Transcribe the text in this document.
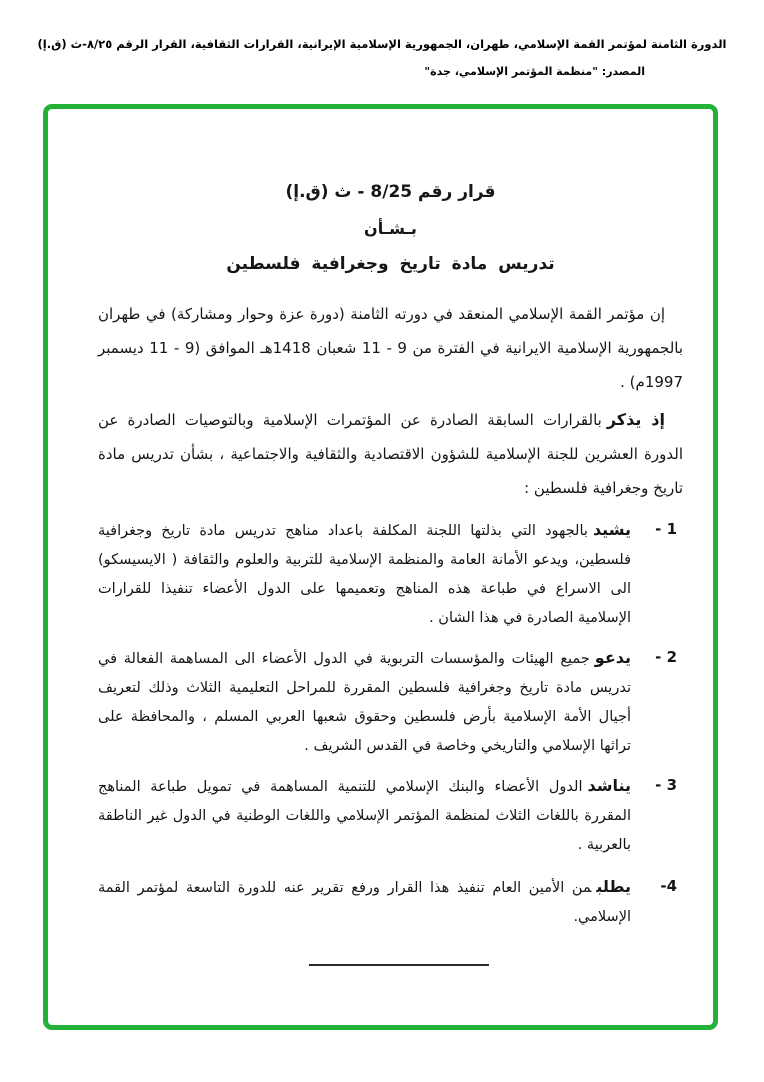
الدورة الثامنة لمؤتمر القمة الإسلامي، طهران، الجمهورية الإسلامية الإيرانية، القرارات الثقافية، القرار الرقم ٨/٢٥-ث (ق.إ)
المصدر: "منظمة المؤتمر الإسلامي، جدة"
قرار رقم 8/25 - ث (ق.إ)
بـشـأن
تدريس مادة تاريخ وجغرافية فلسطين

إن مؤتمر القمة الإسلامي المنعقد في دورته الثامنة (دورة عزة وحوار ومشاركة) في طهران بالجمهورية الإسلامية الايرانية في الفترة من 9 - 11 شعبان 1418هـ الموافق (9 - 11 ديسمبر 1997م) .

إذ يذكربالقرارات السابقة الصادرة عن المؤتمرات الإسلامية وبالتوصيات الصادرة عن الدورة العشرين للجنة الإسلامية للشؤون الاقتصادية والثقافية والاجتماعية ، بشأن تدريس مادة تاريخ وجغرافية فلسطين :

1 -

يشيدبالجهود التي بذلتها اللجنة المكلفة باعداد مناهج تدريس مادة تاريخ وجغرافية فلسطين، ويدعو الأمانة العامة والمنظمة الإسلامية للتربية والعلوم والثقافة ( الايسيسكو) الى الاسراع في طباعة هذه المناهج وتعميمها على الدول الأعضاء تنفيذا للقرارات الإسلامية الصادرة في هذا الشان .

2 -

يدعوجميع الهيئات والمؤسسات التربوية في الدول الأعضاء الى المساهمة الفعالة في تدريس مادة تاريخ وجغرافية فلسطين المقررة للمراحل التعليمية الثلاث وذلك لتعريف أجيال الأمة الإسلامية بأرض فلسطين وحقوق شعبها العربي المسلم ، والمحافظة على تراثها الإسلامي والتاريخي وخاصة في القدس الشريف .

3 -

يناشدالدول الأعضاء والبنك الإسلامي للتنمية المساهمة في تمويل طباعة المناهج المقررة باللغات الثلاث لمنظمة المؤتمر الإسلامي واللغات الوطنية في الدول غير الناطقة بالعربية .

4-

يطلبمن الأمين العام تنفيذ هذا القرار ورفع تقرير عنه للدورة التاسعة لمؤتمر القمة الإسلامي.
